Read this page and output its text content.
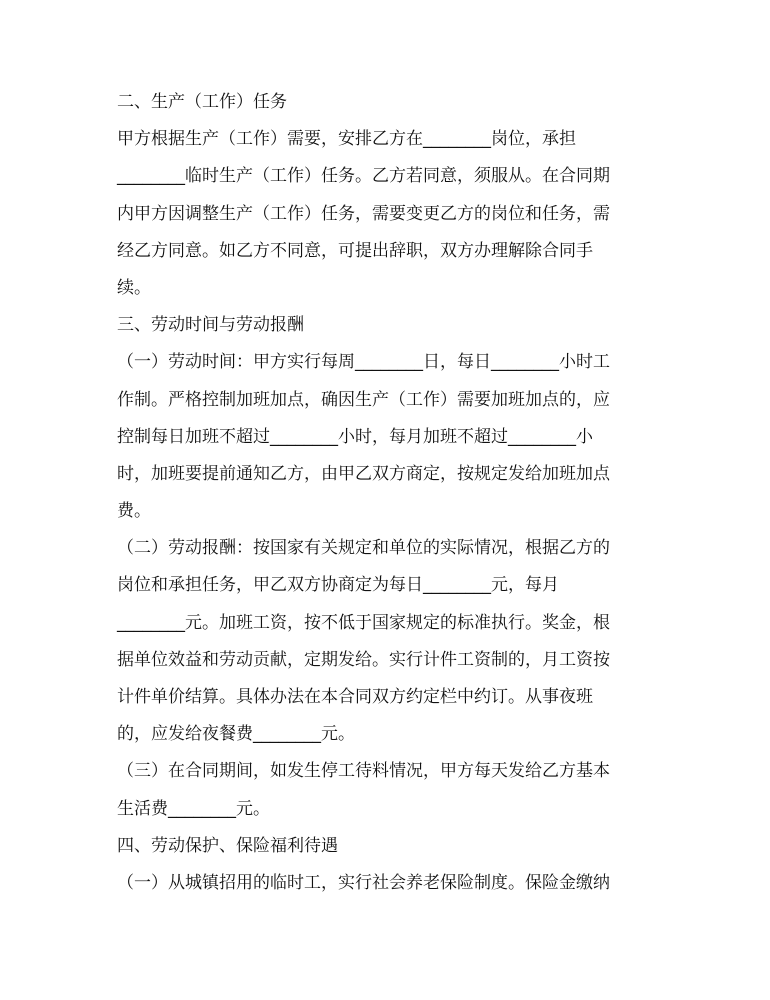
二、生产（工作）任务
甲方根据生产（工作）需要，安排乙方在________岗位，承担
________临时生产（工作）任务。乙方若同意，须服从。在合同期
内甲方因调整生产（工作）任务，需要变更乙方的岗位和任务，需
经乙方同意。如乙方不同意，可提出辞职，双方办理解除合同手
续。
三、劳动时间与劳动报酬
（一）劳动时间：甲方实行每周________日，每日________小时工
作制。严格控制加班加点，确因生产（工作）需要加班加点的，应
控制每日加班不超过________小时，每月加班不超过________小
时，加班要提前通知乙方，由甲乙双方商定，按规定发给加班加点
费。
（二）劳动报酬：按国家有关规定和单位的实际情况，根据乙方的
岗位和承担任务，甲乙双方协商定为每日________元，每月
________元。加班工资，按不低于国家规定的标准执行。奖金，根
据单位效益和劳动贡献，定期发给。实行计件工资制的，月工资按
计件单价结算。具体办法在本合同双方约定栏中约订。从事夜班
的，应发给夜餐费________元。
（三）在合同期间，如发生停工待料情况，甲方每天发给乙方基本
生活费________元。
四、劳动保护、保险福利待遇
（一）从城镇招用的临时工，实行社会养老保险制度。保险金缴纳
